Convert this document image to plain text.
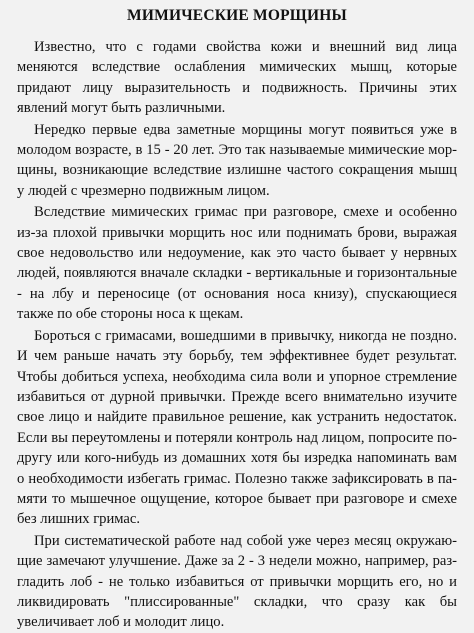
МИМИЧЕСКИЕ МОРЩИНЫ

Известно, что с годами свойства кожи и внешний вид лица меняются вследствие ослабления мимических мышц, которые придают лицу выразительность и подвижность. Причины этих явлений могут быть различными.

Нередко первые едва заметные морщины могут появиться уже в молодом возрасте, в 15 - 20 лет. Это так называемые мимические морщины, возникающие вследствие излишне частого сокращения мышц у людей с чрезмерно подвижным лицом.

Вследствие мимических гримас при разговоре, смехе и особенно из-за плохой привычки морщить нос или поднимать брови, выражая свое недовольство или недоумение, как это часто бывает у нервных людей, появляются вначале складки - вертикальные и горизонтальные - на лбу и переносице (от основания носа книзу), спускающиеся также по обе стороны носа к щекам.

Бороться с гримасами, вошедшими в привычку, никогда не поздно. И чем раньше начать эту борьбу, тем эффективнее будет результат. Чтобы добиться успеха, необходима сила воли и упорное стремление избавиться от дурной привычки. Прежде всего внимательно изучите свое лицо и найдите правильное решение, как устранить недостаток. Если вы переутомлены и потеряли контроль над лицом, попросите подругу или кого-нибудь из домашних хотя бы изредка напоминать вам о необходимости избегать гримас. Полезно также зафиксировать в памяти то мышечное ощущение, которое бывает при разговоре и смехе без лишних гримас.

При систематической работе над собой уже через месяц окружающие замечают улучшение. Даже за 2 - 3 недели можно, например, разгладить лоб - не только избавиться от привычки морщить его, но и ликвидировать "плиссированные" складки, что сразу как бы увеличивает лоб и молодит лицо.
